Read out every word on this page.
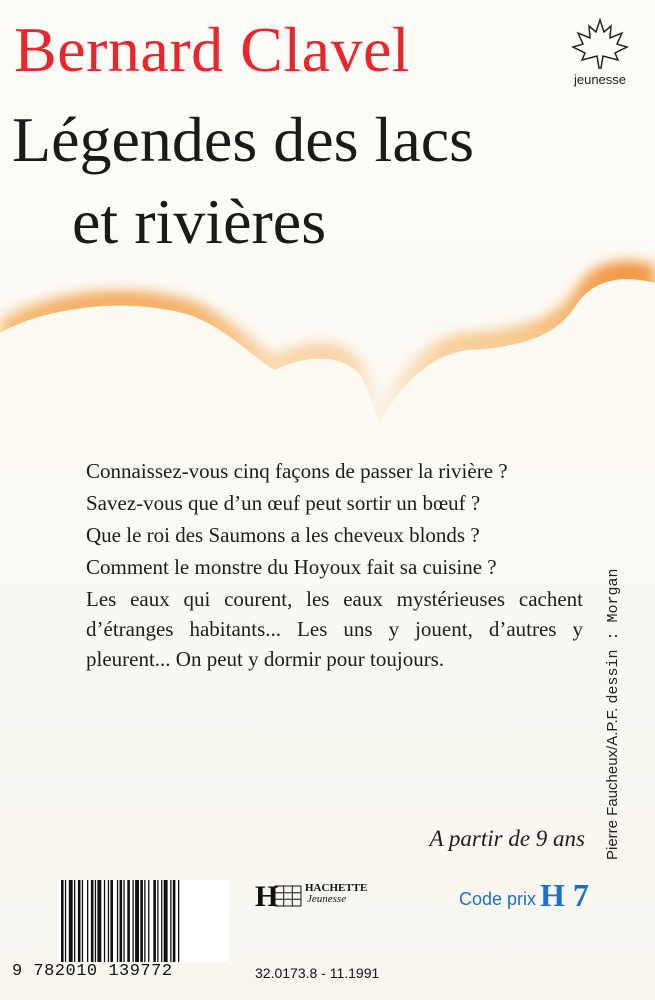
Bernard Clavel
Légendes des lacs
et rivières
jeunesse

Connaissez-vous cinq façons de passer la rivière ?

Savez-vous que d’un œuf peut sortir un bœuf ?

Que le roi des Saumons a les cheveux blonds ?

Comment le monstre du Hoyoux fait sa cuisine ?

Les eaux qui courent, les eaux mystérieuses cachent d’étranges habitants... Les uns y jouent, d’autres y pleurent... On peut y dormir pour toujours.

A partir de 9 ans Pierre Faucheux/A.P.F. dessin : Morgan
9 782010 139772
H HACHETTE
Jeunesse
32.0173.8 - 11.1991
Code prix H 7
